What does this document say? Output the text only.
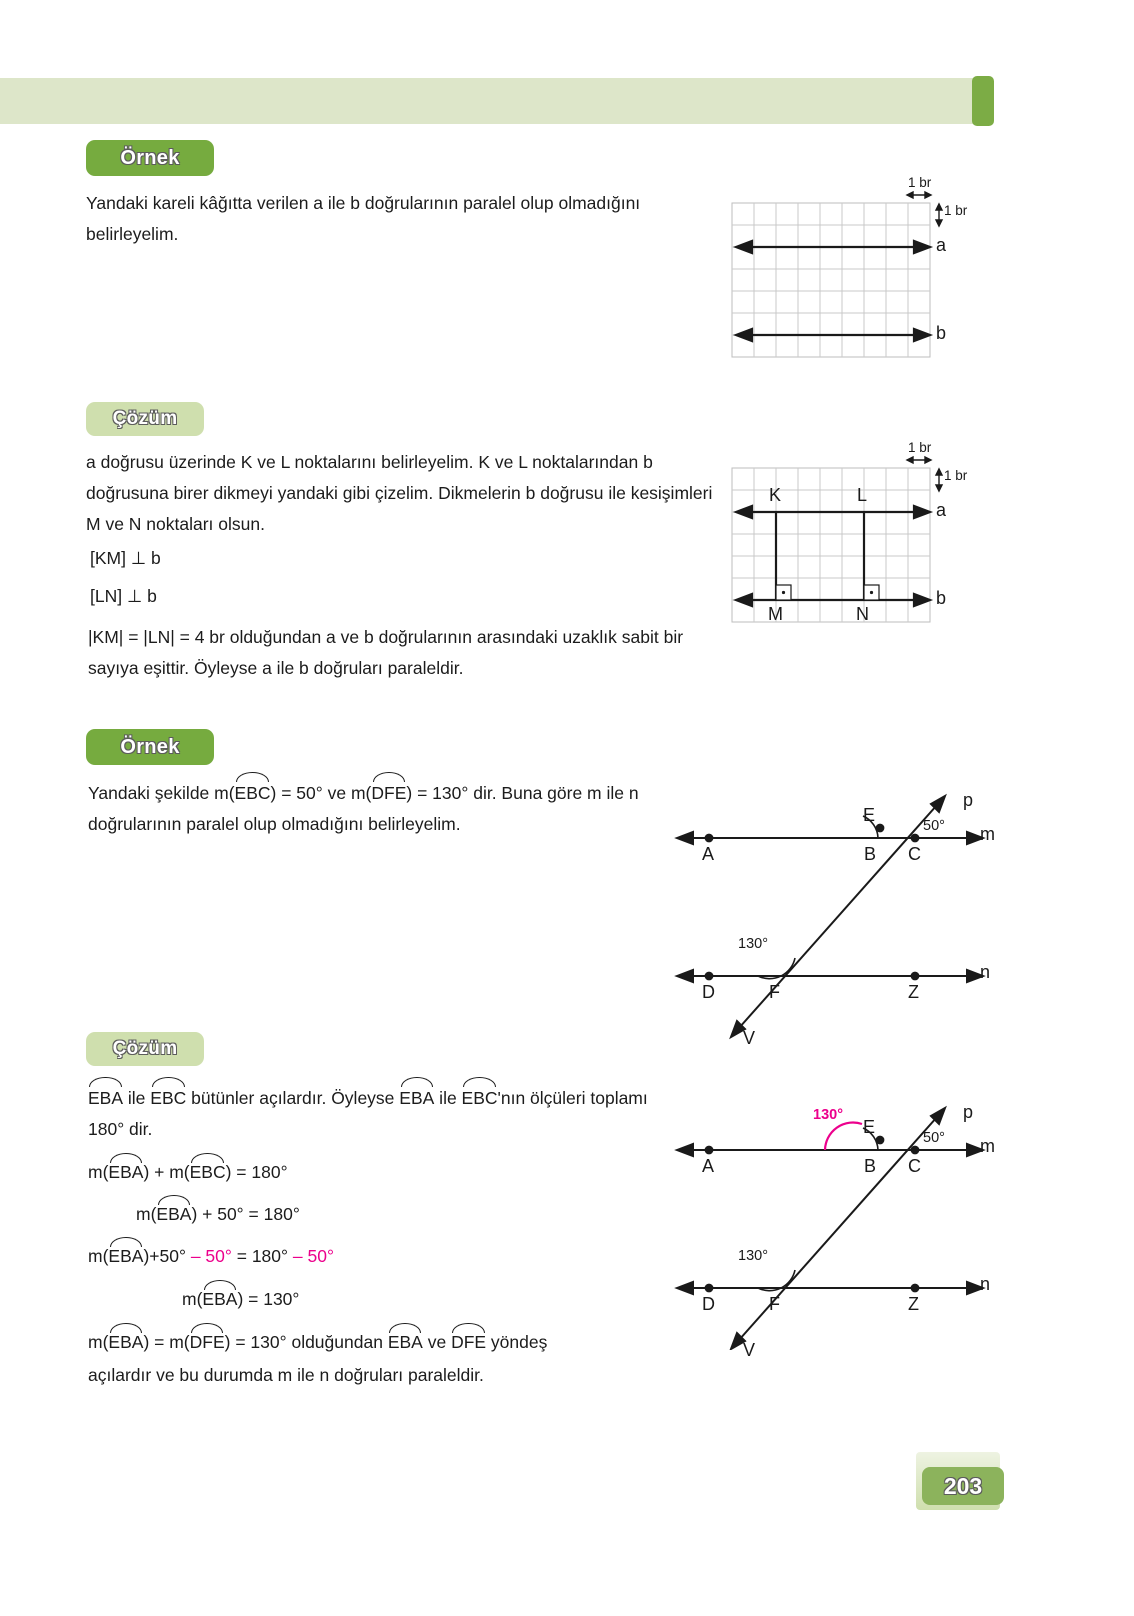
Örnek
Yandaki kareli kâğıtta verilen a ile b doğrularının paralel olup olmadığını belirleyelim.
1 br
1 br
a
b
Çözüm
a doğrusu üzerinde K ve L noktalarını belirleyelim. K ve L noktalarından b doğrusuna birer dikmeyi yandaki gibi çizelim. Dikmelerin b doğrusu ile kesişimleri M ve N noktaları olsun.
[KM] ⊥ b
[LN] ⊥ b
|KM| = |LN| = 4 br olduğundan a ve b doğrularının arasındaki uzaklık sabit bir sayıya eşittir. Öyleyse a ile b doğruları paraleldir.
1 br
1 br
a
b
K	L
M	N
Örnek
Yandaki şekilde m(EBC) = 50° ve m(DFE) = 130° dir. Buna göre m ile n doğrularının paralel olup olmadığını belirleyelim.
p
m
n
50°
130°
A	B C
E
D	F	Z
V
Çözüm
EBA ile EBC bütünler açılardır. Öyleyse EBA ile EBC'nın ölçüleri toplamı 180° dir.
m(EBA) + m(EBC) = 180°
m(EBA) + 50° = 180°
m(EBA)+50° – 50° = 180° – 50°
m(EBA) = 130°
m(EBA) = m(DFE) = 130° olduğundan EBA ve DFE yöndeş
açılardır ve bu durumda m ile n doğruları paraleldir.
p
m
n
50°
130°
130°
A	B C
E
D	F	Z
V
203
